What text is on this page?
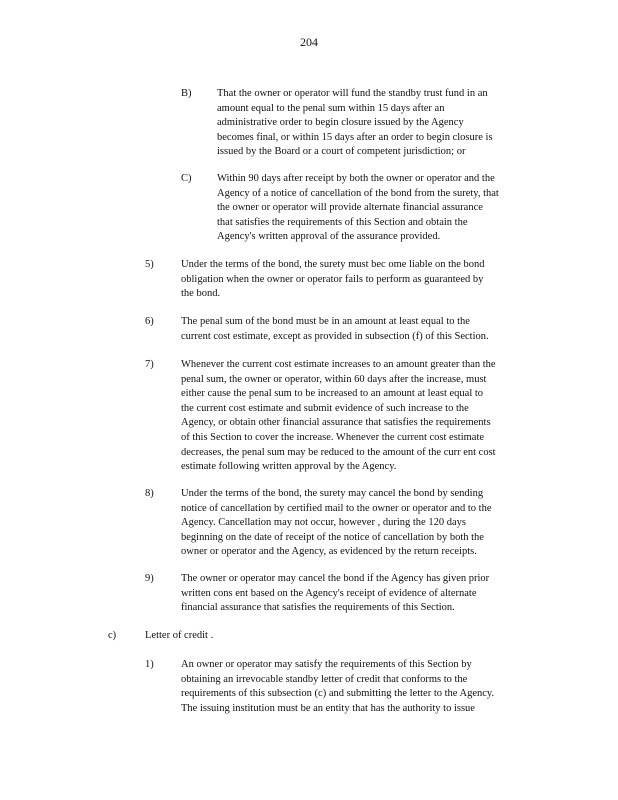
204
B) That the owner or operator will fund the standby trust fund in an
amount equal to the penal sum within 15 days after an
administrative order to begin closure issued by the Agency
becomes final, or within 15 days after an order to begin closure is
issued by the Board or a court of competent jurisdiction; or
C) Within 90 days after receipt by both the owner or operator and the
Agency of a notice of cancellation of the bond from the surety, that
the owner or operator will provide alternate financial assurance
that satisfies the requirements of this Section and obtain the
Agency's written approval of the assurance provided.
5)	Under the terms of the bond, the surety must bec ome liable on the bond
obligation when the owner or operator fails to perform as guaranteed by
the bond.
6)	The penal sum of the bond must be in an amount at least equal to the
current cost estimate, except as provided in subsection (f) of this Section.
7)	Whenever the current cost estimate increases to an amount greater than the
penal sum, the owner or operator, within 60 days after the increase, must
either cause the penal sum to be increased to an amount at least equal to
the current cost estimate and submit evidence of such increase to the
Agency, or obtain other financial assurance that satisfies the requirements
of this Section to cover the increase. Whenever the current cost estimate
decreases, the penal sum may be reduced to the amount of the curr ent cost
estimate following written approval by the Agency.
8)	Under the terms of the bond, the surety may cancel the bond by sending
notice of cancellation by certified mail to the owner or operator and to the
Agency. Cancellation may not occur, however , during the 120 days
beginning on the date of receipt of the notice of cancellation by both the
owner or operator and the Agency, as evidenced by the return receipts.
9)	The owner or operator may cancel the bond if the Agency has given prior
written cons ent based on the Agency's receipt of evidence of alternate
financial assurance that satisfies the requirements of this Section.
c)	Letter of credit .
1)	An owner or operator may satisfy the requirements of this Section by
obtaining an irrevocable standby letter of credit that conforms to the
requirements of this subsection (c) and submitting the letter to the Agency.
The issuing institution must be an entity that has the authority to issue
